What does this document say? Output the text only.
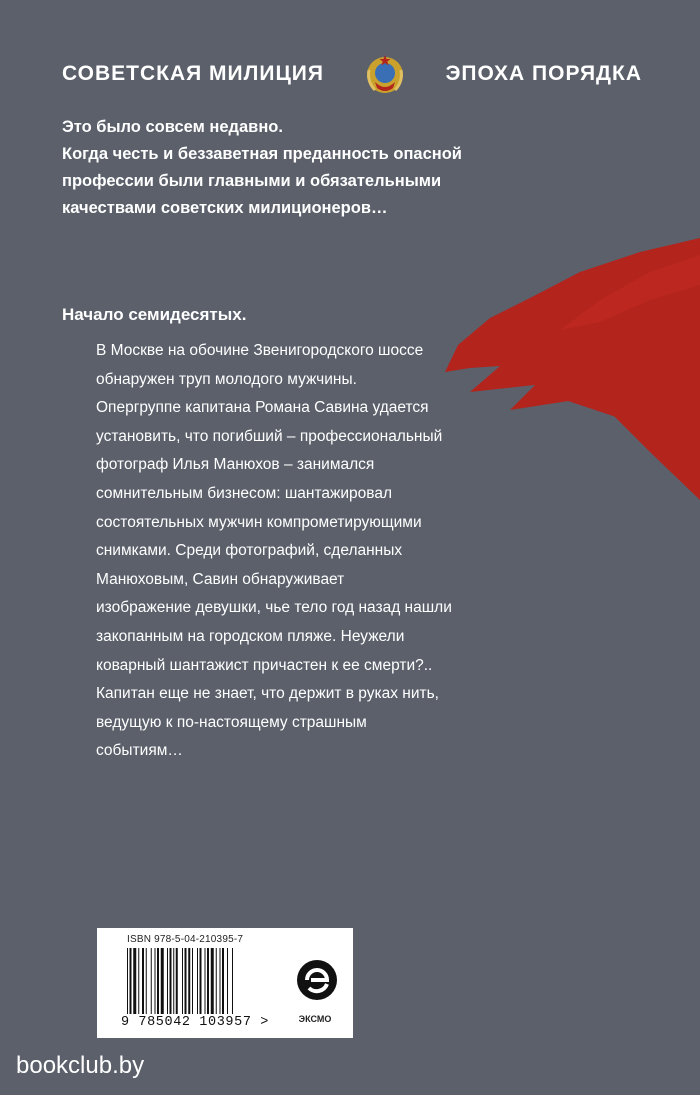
СОВЕТСКАЯ МИЛИЦИЯ	ЭПОХА ПОРЯДКА
Это было совсем недавно.
Когда честь и беззаветная преданность опасной
профессии были главными и обязательными
качествами советских милиционеров…
Начало семидесятых.
В Москве на обочине Звенигородского шоссе
обнаружен труп молодого мужчины.
Опергруппе капитана Романа Савина удается
установить, что погибший – профессиональный
фотограф Илья Манюхов – занимался
сомнительным бизнесом: шантажировал
состоятельных мужчин компрометирующими
снимками. Среди фотографий, сделанных
Манюховым, Савин обнаруживает
изображение девушки, чье тело год назад нашли
закопанным на городском пляже. Неужели
коварный шантажист причастен к ее смерти?..
Капитан еще не знает, что держит в руках нить,
ведущую к по-настоящему страшным
событиям…
ISBN 978-5-04-210395-7
9 785042 103957 >	ЭКСМО
bookclub.by
